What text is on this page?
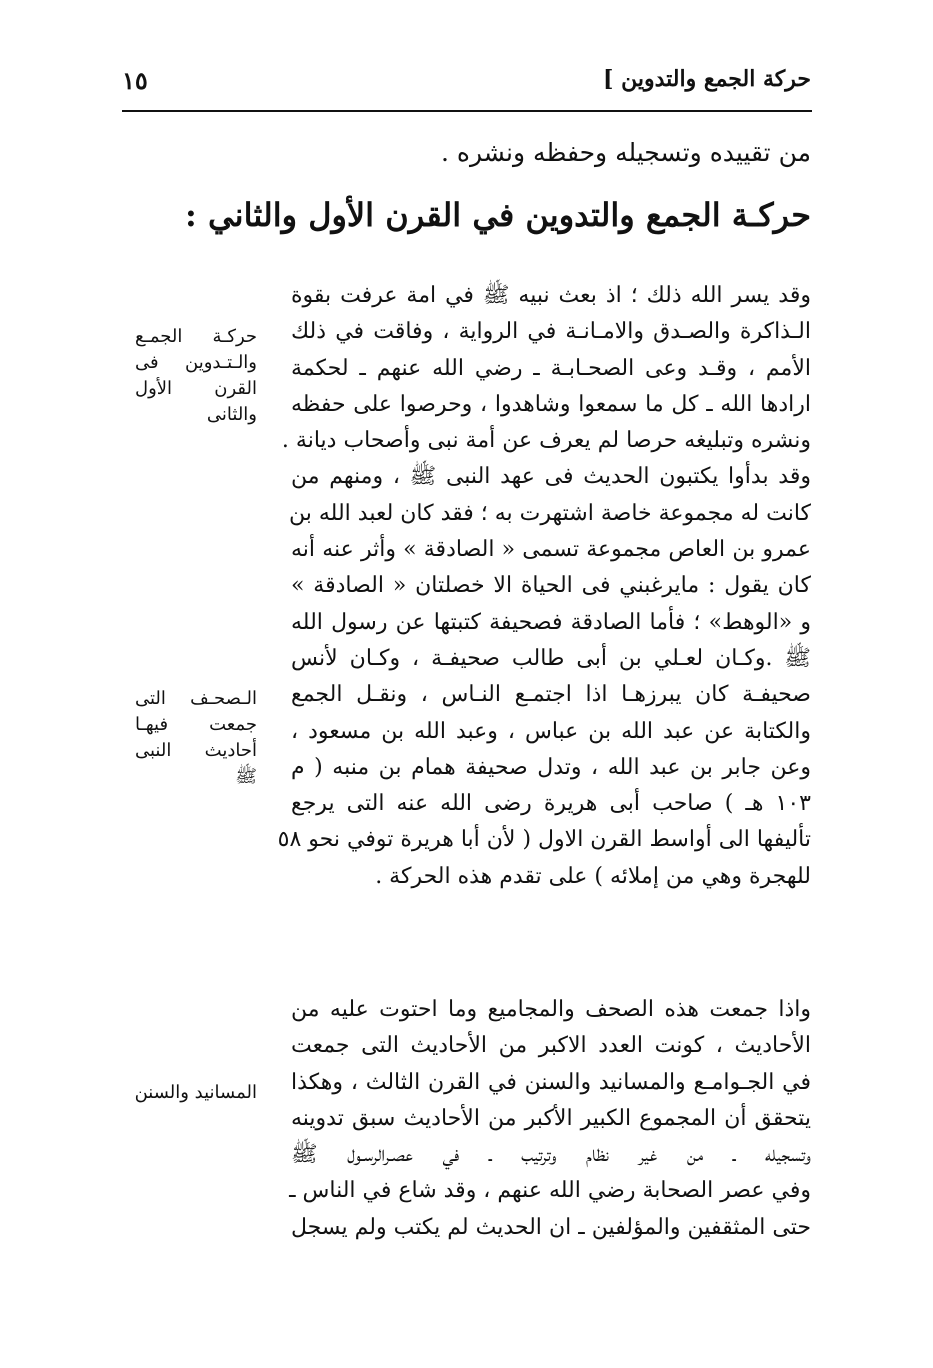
حركة الجمع والتدوين ]
١٥
من تقييده وتسجيله وحفظه ونشره .
حركـة الجمع والتدوين في القرن الأول والثاني :
وقد يسر الله ذلك ؛ اذ بعث نبيه ﷺ في امة عرفت بقوة
الـذاكرة والصـدق والامـانـة في الرواية ، وفاقت في ذلك
الأمم ، وقـد وعى الصحـابـة ـ رضي الله عنهم ـ لحكمة
ارادها الله ـ كل ما سمعوا وشاهدوا ، وحرصوا على حفظه
ونشره وتبليغه حرصا لم يعرف عن أمة نبى وأصحاب ديانة .
وقد بدأوا يكتبون الحديث فى عهد النبى ﷺ ، ومنهم من
كانت له مجموعة خاصة اشتهرت به ؛ فقد كان لعبد الله بن
عمرو بن العاص مجموعة تسمى « الصادقة » وأثر عنه أنه
كان يقول : مايرغبني فى الحياة الا خصلتان « الصادقة »
و «الوهط» ؛ فأما الصادقة فصحيفة كتبتها عن رسول الله
ﷺ .وكـان لعـلي بن أبى طالب صحيفـة ، وكـان لأنس
صحيفـة كان يبرزهـا اذا اجتمـع النـاس ، ونقـل الجمع
والكتابة عن عبد الله بن عباس ، وعبد الله بن مسعود ،
وعن جابر بن عبد الله ، وتدل صحيفة همام بن منبه ( م
١٠٣ هـ ) صاحب أبى هريرة رضى الله عنه التى يرجع
تأليفها الى أواسط القرن الاول ( لأن أبا هريرة توفي نحو ٥٨
للهجرة وهي من إملائه ) على تقدم هذه الحركة .
واذا جمعت هذه الصحف والمجاميع وما احتوت عليه من
الأحاديث ، كونت العدد الاكبر من الأحاديث التى جمعت
في الجـوامـع والمسانيد والسنن في القرن الثالث ، وهكذا
يتحقق أن المجموع الكبير الأكبر من الأحاديث سبق تدوينه
وتسجيله ـ من غير نظام وترتيب ـ في عصـرالرسـول ﷺ
وفي عصر الصحابة رضي الله عنهم ، وقد شاع في الناس ـ
حتى المثقفين والمؤلفين ـ ان الحديث لم يكتب ولم يسجل
حركـة الجمـع
والـتـدوين فى
القرن الأول
والثانى
الـصحـف التى
جمعت فيهـا
أحاديث النبى
ﷺ
المسانيد والسنن
